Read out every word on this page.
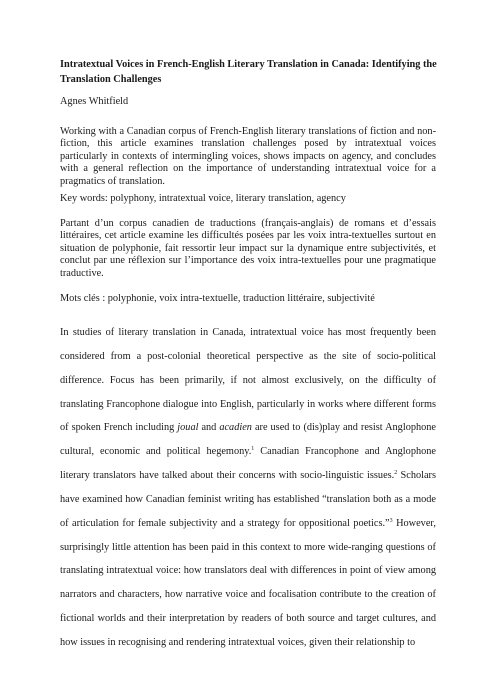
Intratextual Voices in French-English Literary Translation in Canada: Identifying the Translation Challenges

Agnes Whitfield

Working with a Canadian corpus of French-English literary translations of fiction and non-fiction, this article examines translation challenges posed by intratextual voices particularly in contexts of intermingling voices, shows impacts on agency, and concludes with a general reflection on the importance of understanding intratextual voice for a pragmatics of translation.

Key words: polyphony, intratextual voice, literary translation, agency

Partant d’un corpus canadien de traductions (français-anglais) de romans et d’essais littéraires, cet article examine les difficultés posées par les voix intra-textuelles surtout en situation de polyphonie, fait ressortir leur impact sur la dynamique entre subjectivités, et conclut par une réflexion sur l’importance des voix intra-textuelles pour une pragmatique traductive.

Mots clés : polyphonie, voix intra-textuelle, traduction littéraire, subjectivité

In studies of literary translation in Canada, intratextual voice has most frequently been considered from a post-colonial theoretical perspective as the site of socio-political difference. Focus has been primarily, if not almost exclusively, on the difficulty of translating Francophone dialogue into English, particularly in works where different forms of spoken French including joual and acadien are used to (dis)play and resist Anglophone cultural, economic and political hegemony.$^1$ Canadian Francophone and Anglophone literary translators have talked about their concerns with socio-linguistic issues.$^2$ Scholars have examined how Canadian feminist writing has established “translation both as a mode of articulation for female subjectivity and a strategy for oppositional poetics.”$^3$ However, surprisingly little attention has been paid in this context to more wide-ranging questions of translating intratextual voice: how translators deal with differences in point of view among narrators and characters, how narrative voice and focalisation contribute to the creation of fictional worlds and their interpretation by readers of both source and target cultures, and how issues in recognising and rendering intratextual voices, given their relationship to
